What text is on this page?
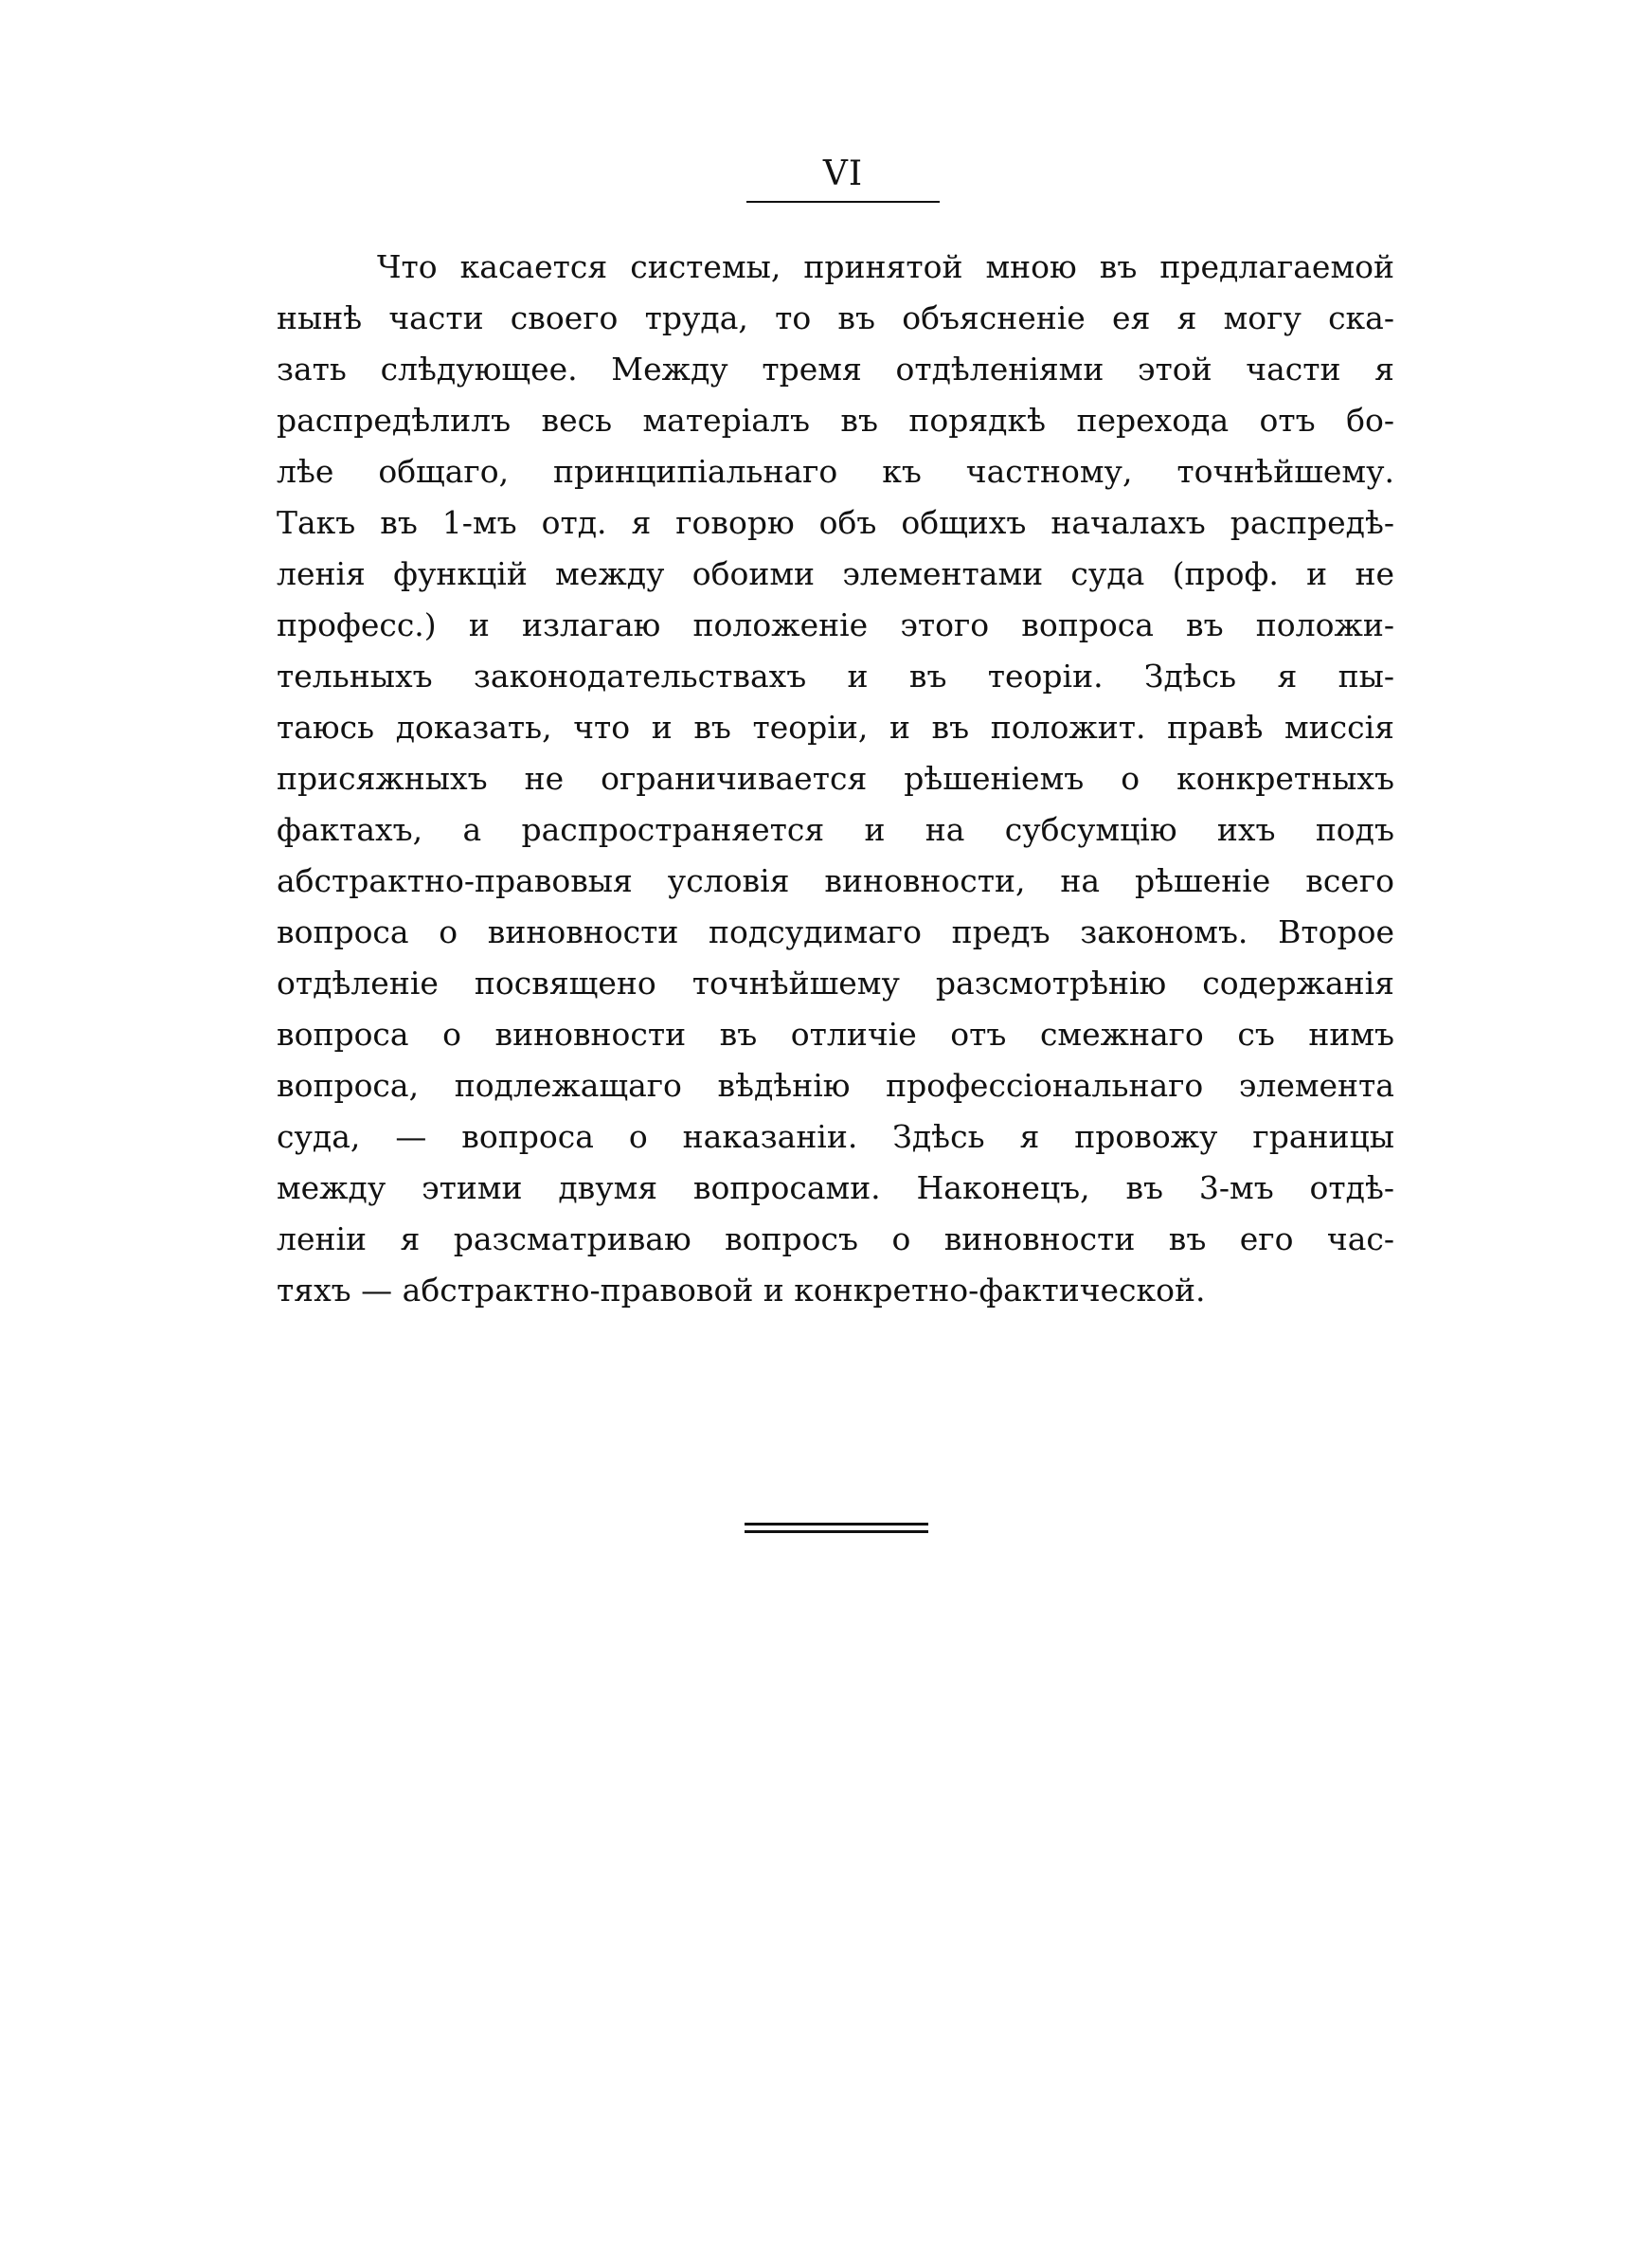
VI
Что касается системы, принятой мною въ предлагаемой
нынѣ части своего труда, то въ объясненіе ея я могу ска-
зать слѣдующее. Между тремя отдѣленіями этой части я
распредѣлилъ весь матеріалъ въ порядкѣ перехода отъ бо-
лѣе общаго, принципіальнаго къ частному, точнѣйшему.
Такъ въ 1-мъ отд. я говорю объ общихъ началахъ распредѣ-
ленія функцій между обоими элементами суда (проф. и не
професс.) и излагаю положеніе этого вопроса въ положи-
тельныхъ законодательствахъ и въ теоріи. Здѣсь я пы-
таюсь доказать, что и въ теоріи, и въ положит. правѣ миссія
присяжныхъ не ограничивается рѣшеніемъ о конкретныхъ
фактахъ, а распространяется и на субсумцію ихъ подъ
абстрактно-правовыя условія виновности, на рѣшеніе всего
вопроса о виновности подсудимаго предъ закономъ. Второе
отдѣленіе посвящено точнѣйшему разсмотрѣнію содержанія
вопроса о виновности въ отличіе отъ смежнаго съ нимъ
вопроса, подлежащаго вѣдѣнію профессіональнаго элемента
суда, — вопроса о наказаніи. Здѣсь я провожу границы
между этими двумя вопросами. Наконецъ, въ 3-мъ отдѣ-
леніи я разсматриваю вопросъ о виновности въ его час-
тяхъ — абстрактно-правовой и конкретно-фактической.
